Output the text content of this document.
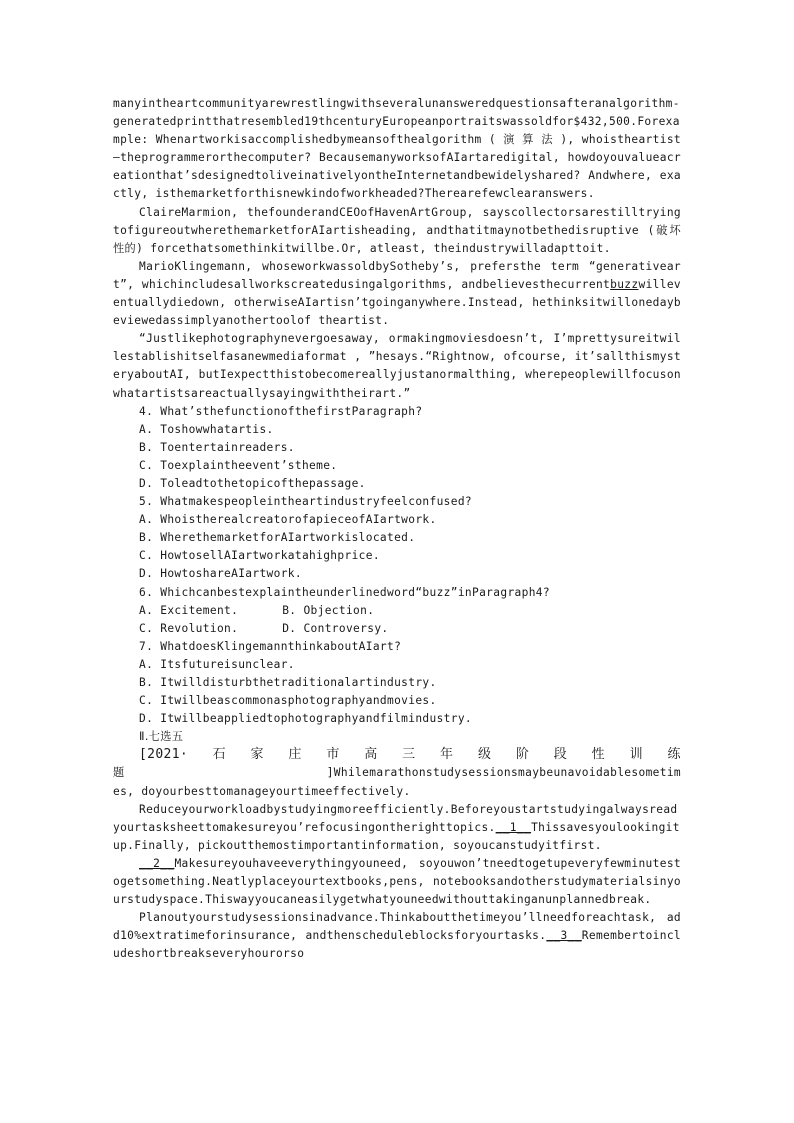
manyintheartcommunityarewrestlingwithseveralunansweredquestionsafteranalgorithm-generatedprintthatresembled19thcenturyEuropeanportraitswassoldfor$432,500.Forexample: Whenartworkisaccomplishedbymeansofthealgorithm ( 演 算 法 ), whoistheartist—theprogrammerorthecomputer? BecausemanyworksofAIartaredigital, howdoyouvalueacreationthat’sdesignedtoliveinativelyontheInternetandbewidelyshared? Andwhere, exactly, isthemarketforthisnewkindofworkheaded?Therearefewclearanswers.

ClaireMarmion, thefounderandCEOofHavenArtGroup, sayscollectorsarestilltryingtofigureoutwherethemarketforAIartisheading, andthatitmaynotbethedisruptive (破坏性的) forcethatsomethinkitwillbe.Or, atleast, theindustrywilladapttoit.

MarioKlingemann, whoseworkwassoldbySotheby’s, prefersthe term “generativeart”, whichincludesallworkscreatedusingalgorithms, andbelievesthecurrentbuzzwilleventuallydiedown, otherwiseAIartisn’tgoinganywhere.Instead, hethinksitwillonedaybeviewedassimplyanothertoolof theartist.

“Justlikephotographynevergoesaway, ormakingmoviesdoesn’t, I’mprettysureitwillestablishitselfasanewmediaformat , ”hesays.“Rightnow, ofcourse, it’sallthismysteryaboutAI, butIexpectthistobecomereallyjustanormalthing, wherepeoplewillfocusonwhatartistsareactuallysayingwiththeirart.”

4. What’sthefunctionofthefirstParagraph?
A. Toshowwhatartis.
B. Toentertainreaders.
C. Toexplaintheevent’stheme.
D. Toleadtothetopicofthepassage.
5. Whatmakespeopleintheartindustryfeelconfused?
A. WhoistherealcreatorofapieceofAIartwork.
B. WherethemarketforAIartworkislocated.
C. HowtosellAIartworkatahighprice.
D. HowtoshareAIartwork.
6. Whichcanbestexplaintheunderlinedword“buzz”inParagraph4?
A. Excitement.	B. Objection.
C. Revolution.	D. Controversy.
7. WhatdoesKlingemannthinkaboutAIart?
A. Itsfutureisunclear.
B. Itwilldisturbthetraditionalartindustry.
C. Itwillbeascommonasphotographyandmovies.
D. Itwillbeappliedtophotographyandfilmindustry.
Ⅱ.七选五
[2021· 石 家 庄 市 高 三 年 级 阶 段 性 训 练

题	]Whilemarathonstudysessionsmaybeunavoidablesometimes, doyourbesttomanageyourtimeeffectively.

Reduceyourworkloadbystudyingmoreefficiently.Beforeyoustartstudyingalwaysreadyourtasksheettomakesureyou’refocusingontherighttopics.__1__Thissavesyoulookingit up.Finally, pickoutthemostimportantinformation, soyoucanstudyitfirst.

__2__Makesureyouhaveeverythingyouneed, soyouwon’tneedtogetupeveryfewminutestogetsomething.Neatlyplaceyourtextbooks,pens, notebooksandotherstudymaterialsinyourstudyspace.Thiswayyoucaneasilygetwhatyouneedwithouttakinganunplannedbreak.

Planoutyourstudysessionsinadvance.Thinkaboutthetimeyou’llneedforeachtask, add10%extratimeforinsurance, andthenscheduleblocksforyourtasks.__3__Remembertoincludeshortbreakseveryhourorso
